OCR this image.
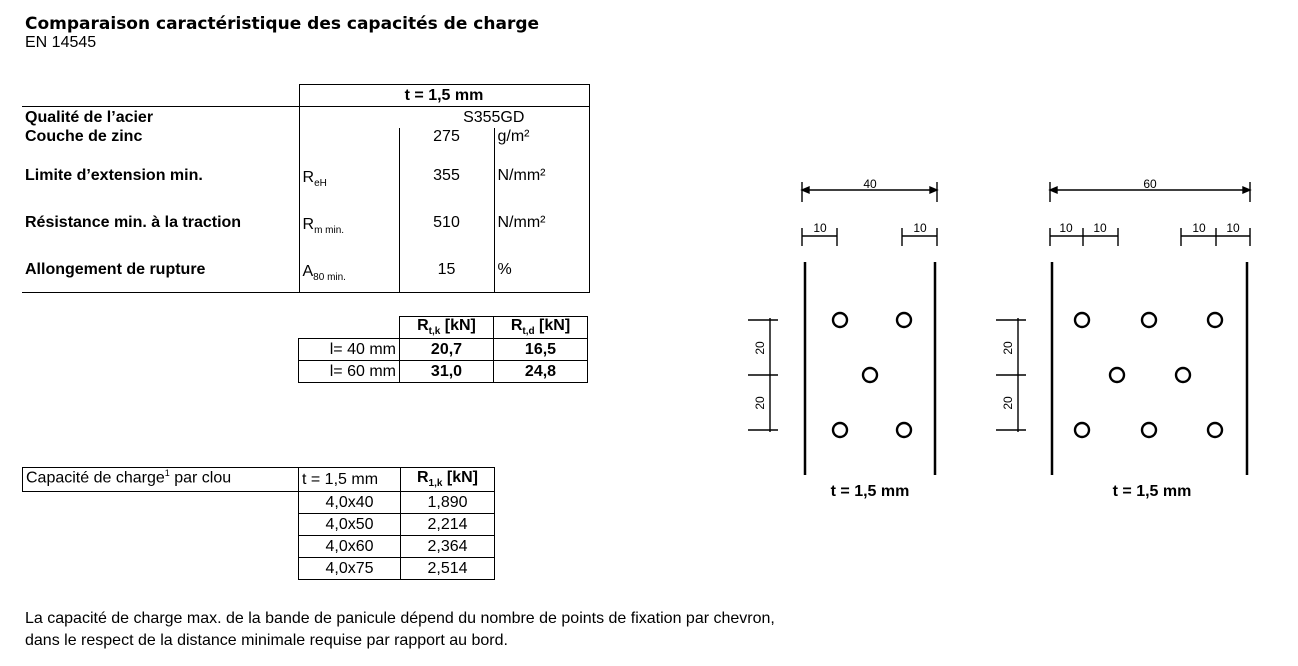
Comparaison caractéristique des capacités de charge
EN 14545
	t = 1,5 mm		
Qualité de l’acier		S355GD	
Couche de zinc		275	g/m²
Limite d’extension min.	$R_{eH}$	355	N/mm²
Résistance min. à la traction	$R_{m min.}$	510	N/mm²
Allongement de rupture	$A_{80 min.}$	15	%
	$R_{t,k}$ [kN]	$R_{t,d}$ [kN]
l= 40 mm	20,7	16,5
l= 60 mm	31,0	24,8
Capacité de charge$^1$ par clou	t = 1,5 mm	$R_{1,k}$ [kN]
	4,0x40	1,890
	4,0x50	2,214
	4,0x60	2,364
	4,0x75	2,514
40
10	10
20
20
t = 1,5 mm
60
10 10	10 10
20
20
t = 1,5 mm
La capacité de charge max. de la bande de panicule dépend du nombre de points de fixation par chevron,
dans le respect de la distance minimale requise par rapport au bord.
